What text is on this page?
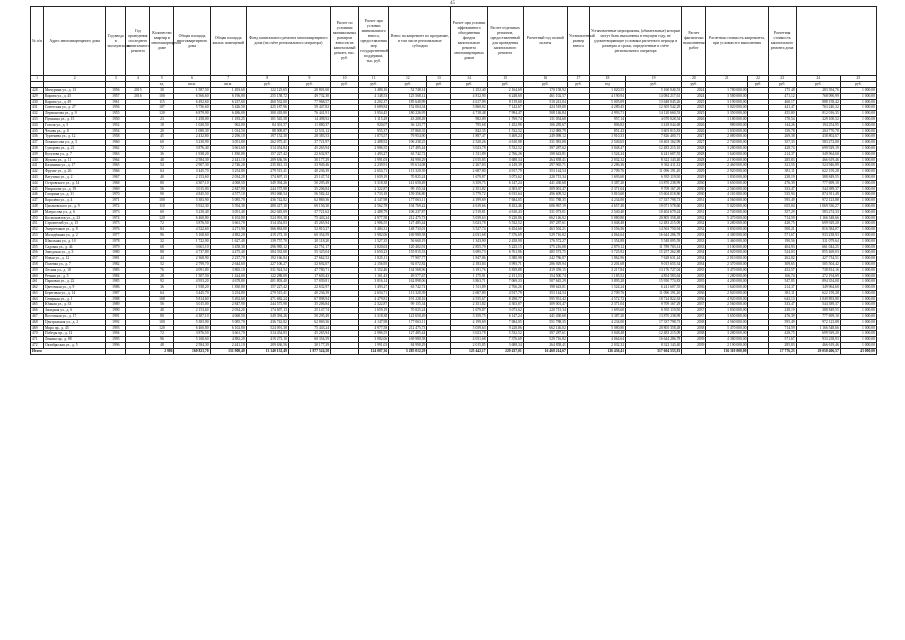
45
№ п/п	Адрес многоквартирного дома	Год ввода в эксплуатацию	Год проведения последнего капитального ремонта	Количество квартир в многоквартирном доме	Общая площадь многоквартирного дома	Общая площадь жилых помещений	Фонд капитального ремонта многоквартирного дома (на счёте регионального оператора)		Расчет по условиям минимальных размеров взносов на капитальный ремонт, тыс. руб.	Расчет при условии минимального взноса, предоставления мер государственной поддержки, тыс. руб.	Взнос на капремонт по программе, в том числе региональные субсидии		Расчет при условии эффективного объединения фондов капитального ремонта многоквартирных домов	Расчет отдельных регионов, предоставленный для проведения капитального ремонта	Расчетный год полной оплаты	Установленный размер взноса	Установленные мероприятия, (обязательные) которые могут быть выполнены в текущем году, не удовлетворяющие условиям расчетного периода в размерах и сроки, определенные в счёте регионального оператора		Расчет фактически выполненных работ	Расчетная стоимость капремонта, при условии его выполнения		Расчетная стоимость капитального ремонта дома		
1	2	3	4	5	6	7	8	9	10	11	12	13	14	15	16	17	18	19	20	21	22	23	24	25
				ед.	кв.м.	кв.м.	руб.	руб.	руб.	руб.	руб.	руб.	руб.	руб.	руб.	руб.	год	руб.	руб.		руб.	руб.	руб.	руб.
428	Мичурина ул., д. 13	1956	2015	30	1 587,50	1 493,60	122 125,65	20 801,60		1 480,16	52 748,14		1 252,40	2 164,69	170 158,92		1 020,55	5 160 040,53	2024	1 780 000,00		175 48	283 394,76	1 000,00
429	Кирова ул., д. 45	1957	2016	100	6 566,60	6 196,00	255 158,72	49 732,30		4 148,53	125 568,12		4 812,90	6 248,60	461 102,57		4 190,94	14 084 217,61	2024	3 580 000,00		471,12	768 090,99	1 000,00
430	Кирова ул., д. 49	1961		115	6 492,60	6 237,60	460 532,00	77 968,57		4 202,37	185 640,99		4 617,09	8 119,60	510 241,04		5 005,09	13 648 045,26	2025	3 190 000,00		460,17	888 158,42	1 000,00
431	Советская ул., д. 27	1956		107	5 756,60	5 426,50	425 187,96	59 447,82		3 689,84	152 004,34		3 860,02	7 142,67	424 518,80		4 289,45	12 305 542,29	2025	3 020 000,00		441,47	763 240,32	1 000,00
432	Лермонтова ул., д. 9	1955		120	6 879,90	6 486,00	300 418,80	76 441,91		3 954,45	180 226,95		4 718,48	7 994,47	508 146,84		4 993,71	14 120 660,53	2025	3 350 000,00		455,80	812 016,35	1 000,00
433	Пушкина ул., д. 15	1950		23	1 258,00	1 183,25	101 545,58	14 498,92		1 115,29	43 208,49		982,09	1 769,74	131 054,60		957,14	4 070 028,54	2026	1 180 000,00		170,54	229 100,52	1 000,00
434	Гоголя ул., д. 5	1952		18	1 020,50	962,00	84 301,57	11 880,37		920,07	36 123,77		795,68	1 452,98	106 285,67		806,82	3 418 044,68	2026	980 000,00		144,26	194 254,95	1 000,00
435	Чехова ул., д. 8	1954		20	1 080,30	1 014,50	88 909,87	12 531,12		955,37	37 860,35		842,35	1 532,52	112 088,79		851,43	3 603 815,83	2026	1 030 000,00		150,78	204 770,78	1 000,00
436	Тургенева ул., д. 12	1958		45	2 432,80	2 296,10	197 152,30	28 383,53		1 873,57	79 954,90		1 897,47	3 469,24	249 098,12		1 910,33	7 826 400,71	2027	2 080 000,00		269,38	438 802,67	1 000,00
437	Ломоносова ул., д. 3	1960		60	3 230,90	3 051,80	262 075,41	37 721,97		2 488,92	106 238,25		2 520,26	4 610,98	331 081,08		2 540,65	10 403 162,99	2027	2 740 000,00		357,33	583 272,00	1 000,00
438	Суворова ул., д. 21	1962		72	3 876,40	3 661,60	314 454,84	45 265,94		2 986,55	127 485,44		3 023,78	5 532,52	397 287,62		3 048,47	12 483 215,10	2028	3 280 000,00		428,74	699 929,19	1 000,00
439	Кутузова ул., д. 7	1963		36	1 938,20	1 830,80	157 227,42	22 632,97		1 493,27	63 742,72		1 511,89	2 766,26	198 643,81		1 524,24	6 241 607,55	2028	1 640 000,00		214,37	349 964,60	1 000,00
440	Жукова ул., д. 11	1964		48	2 584,30	2 441,10	209 636,56	30 177,29		1 991,03	84 990,29		2 015,85	3 688,34	264 858,41		2 032,32	8 322 143,40	2028	2 190 000,00		285,83	466 619,46	1 000,00
441	Калинина ул., д. 17	1965		54	2 907,30	2 746,20	235 841,13	33 949,46		2 239,91	95 614,08		2 267,83	4 149,39	297 965,71		2 286,36	9 362 411,32	2029	2 460 000,00		321,55	524 946,89	1 000,00
442	Фрунзе ул., д. 26	1966		64	3 445,70	3 254,80	279 515,41	40 236,39		2 654,71	113 320,39		2 687,80	4 917,79	353 144,54		2 709,76	11 096 191,20	2029	2 920 000,00		381,11	622 159,28	1 000,00
443	Ватутина ул., д. 2	1967		40	2 153,60	2 034,20	174 697,13	25 147,74		1 659,19	70 825,24		1 679,87	3 073,62	220 715,34		1 693,60	6 935 119,50	2029	1 830 000,00		238,19	388 849,55	1 000,00
444	Островского ул., д. 14	1968		80	4 307,10	4 068,50	349 394,26	50 295,49		3 318,38	141 650,49		3 359,75	6 147,24	441 430,68		3 387,20	13 870 238,99	2030	3 650 000,00		476,39	777 699,10	1 000,00
445	Некрасова ул., д. 19	1969		56	3 015,00	2 847,90	244 575,98	35 206,84		2 322,87	99 155,34		2 351,82	4 303,07	309 001,47		2 371,04	9 709 167,29	2030	2 560 000,00		333,47	544 389,37	1 000,00
446	Гагарина ул., д. 31	1970		90	4 845,50	4 577,10	393 068,54	56 582,42		3 733,18	159 356,80		3 779,72	6 915,64	496 609,52		3 810,60	15 604 018,86	2030	4 110 000,00		535,94	874 911,49	1 000,00
447	Королёва ул., д. 4	1971		100	5 383,90	5 085,70	436 742,82	62 869,36		4 147,98	177 063,11		4 199,69	7 684,05	551 788,35		4 234,00	17 337 798,73	2031	4 560 000,00		595,49	972 123,88	1 000,00
448	Циолковского ул., д. 9	1972		110	5 922,30	5 594,30	480 417,10	69 156,30		4 562,78	194 769,42		4 619,66	8 452,46	606 967,19		4 657,40	19 071 578,60	2031	5 020 000,00		655,04	1 069 336,27	1 000,00
449	Матросова ул., д. 6	1973		60	3 230,40	3 051,40	262 045,69	37 721,62		2 488,79	106 237,87		2 519,81	4 610,43	331 073,01		2 540,40	10 402 679,24	2031	2 740 000,00		357,29	583 274,33	1 000,00
450	Космонавтов ул., д. 23	1974		120	6 460,80	6 102,80	524 091,38	75 443,24		4 977,58	212 475,73		5 039,63	9 220,86	662 146,02		5 080,80	20 805 358,48	2032	5 470 000,00		714,59	1 166 548,66	1 000,00
451	Строителей ул., д. 15	1975		72	3 876,50	3 661,70	314 454,83	45 265,94		2 986,55	127 485,44		3 023,78	5 532,52	397 287,61		3 048,48	12 483 215,09	2032	3 280 000,00		428,75	699 929,20	1 000,00
452	Энергетиков ул., д. 8	1976		84	4 522,60	4 271,90	366 863,00	52 810,27		3 484,31	148 733,01		3 527,74	6 454,60	463 502,21		3 556,56	14 563 750,94	2032	3 830 000,00		500,21	816 584,07	1 000,00
453	Молодёжная ул., д. 2	1977		96	5 168,60	4 882,20	419 273,10	60 354,59		3 982,06	169 980,58		4 031,68	7 376,69	529 716,82		4 064,64	16 644 286,78	2033	4 380 000,00		571,67	933 238,93	1 000,00
454	Школьная ул., д. 10	1978		32	1 722,90	1 627,40	139 757,70	20 118,20		1 327,35	56 660,19		1 343,90	2 458,90	176 572,27		1 354,88	5 548 095,59	2033	1 460 000,00		190,56	311 079,64	1 000,00
455	Садовая ул., д. 44	1979		68	3 661,10	3 458,30	296 985,12	42 751,17		2 820,63	120 402,91		2 855,79	5 225,15	375 216,08		2 879,12	11 789 703,14	2033	3 100 000,00		404,93	661 044,25	1 000,00
456	Заводская ул., д. 3	1980		88	4 737,80	4 475,40	384 333,68	55 325,04		3 650,23	155 815,53		3 695,73	6 761,96	485 573,75		3 725,92	15 257 262,88	2034	4 020 000,00		524,03	855 469,03	1 000,00
457	Новая ул., д. 12	1981		44	2 368,90	2 237,70	192 166,84	27 662,52		1 825,11	77 907,77		1 847,86	3 380,98	242 786,87		1 862,96	7 628 631,44	2034	2 010 000,00		262,02	427 734,51	1 000,00
458	Полевая ул., д. 7	1982		52	2 799,70	2 644,60	227 106,27	32 692,07		2 156,95	92 072,82		2 183,84	3 995,71	286 929,94		2 201,68	9 015 655,34	2034	2 370 000,00		309,65	505 504,42	1 000,00
459	Лесная ул., д. 18	1983		76	4 091,80	3 865,10	331 924,54	47 780,71		3 152,46	134 568,96		3 191,76	5 839,88	419 359,15		3 217,84	13 176 727,04	2035	3 470 000,00		452,57	738 814,16	1 000,00
460	Речная ул., д. 5	1984		28	1 507,50	1 424,00	122 288,00	17 603,43		1 161,43	49 577,67		1 175,91	2 151,53	154 500,74		1 185,52	4 854 583,64	2035	1 280 000,00		166,74	272 194,69	1 000,00
461	Парковая ул., д. 22	1985		92	4 953,20	4 678,80	401 803,40	57 839,81		3 816,14	162 898,06		3 863,71	7 069,33	507 645,29		3 895,28	15 950 774,83	2035	4 200 000,00		547,85	894 354,00	1 000,00
462	Цветочная ул., д. 9	1986		36	1 938,20	1 830,80	157 227,42	22 632,97		1 493,27	63 742,72		1 511,89	2 766,26	198 643,81		1 524,24	6 241 607,55	2036	1 640 000,00		214,37	349 964,60	1 000,00
463	Береговая ул., д. 14	1987		64	3 445,70	3 254,80	279 515,41	40 236,39		2 654,71	113 320,39		2 687,80	4 917,79	353 144,54		2 709,76	11 096 191,20	2036	2 920 000,00		381,11	622 159,28	1 000,00
464	Северная ул., д. 1	1988		108	5 814,60	5 492,60	471 682,24	67 898,94		4 479,81	191 228,16		4 535,67	8 298,77	595 931,42		4 572,72	18 724 822,63	2036	4 920 000,00		643,13	1 049 893,80	1 000,00
465	Южная ул., д. 33	1989		56	3 015,00	2 847,90	244 575,98	35 206,84		2 322,87	99 155,34		2 351,82	4 303,07	309 001,47		2 371,04	9 709 167,29	2037	2 560 000,00		333,47	544 389,37	1 000,00
466	Западная ул., д. 6	1990		40	2 153,60	2 034,20	174 697,13	25 147,74		1 659,19	70 825,24		1 679,87	3 073,62	220 715,34		1 693,60	6 935 119,50	2037	1 830 000,00		238,19	388 849,55	1 000,00
467	Восточная ул., д. 17	1991		80	4 307,10	4 068,50	349 394,26	50 295,49		3 318,38	141 650,49		3 359,75	6 147,24	441 430,68		3 387,20	13 870 238,99	2037	3 650 000,00		476,39	777 699,10	1 000,00
468	Центральная ул., д. 2	1992		100	5 383,90	5 085,70	436 742,82	62 869,36		4 147,98	177 063,11		4 199,69	7 684,05	551 788,35		4 234,00	17 337 798,73	2038	4 560 000,00		595,49	972 123,88	1 000,00
469	Мира пр., д. 45	1993		120	6 460,80	6 102,80	524 091,38	75 443,24		4 977,58	212 475,73		5 039,63	9 220,86	662 146,02		5 080,80	20 805 358,48	2038	5 470 000,00		714,59	1 166 548,66	1 000,00
470	Победы пр., д. 12	1994		72	3 876,50	3 661,70	314 454,83	45 265,94		2 986,55	127 485,44		3 023,78	5 532,52	397 287,61		3 048,48	12 483 215,09	2038	3 280 000,00		428,75	699 929,20	1 000,00
471	Ленина пр., д. 88	1995		96	5 168,60	4 882,20	419 273,10	60 354,59		3 982,06	169 980,58		4 031,68	7 376,69	529 716,82		4 064,64	16 644 286,78	2039	4 380 000,00		571,67	933 238,93	1 000,00
472	Октябрьская ул., д. 5	1996		48	2 584,30	2 441,10	209 636,56	30 177,29		1 991,03	84 990,29		2 015,85	3 688,34	264 858,41		2 032,32	8 322 143,40	2039	2 190 000,00		285,83	466 619,46	1 000,00
Итого				2 986	160 823,70	151 908,40	13 140 152,49	1 877 524,58		124 007,36	5 285 012,29		125 442,17	229 437,01	16 468 214,67		126 436,41	517 604 553,81		136 110 000,00		17 776,23	29 058 406,57	43 000,00
